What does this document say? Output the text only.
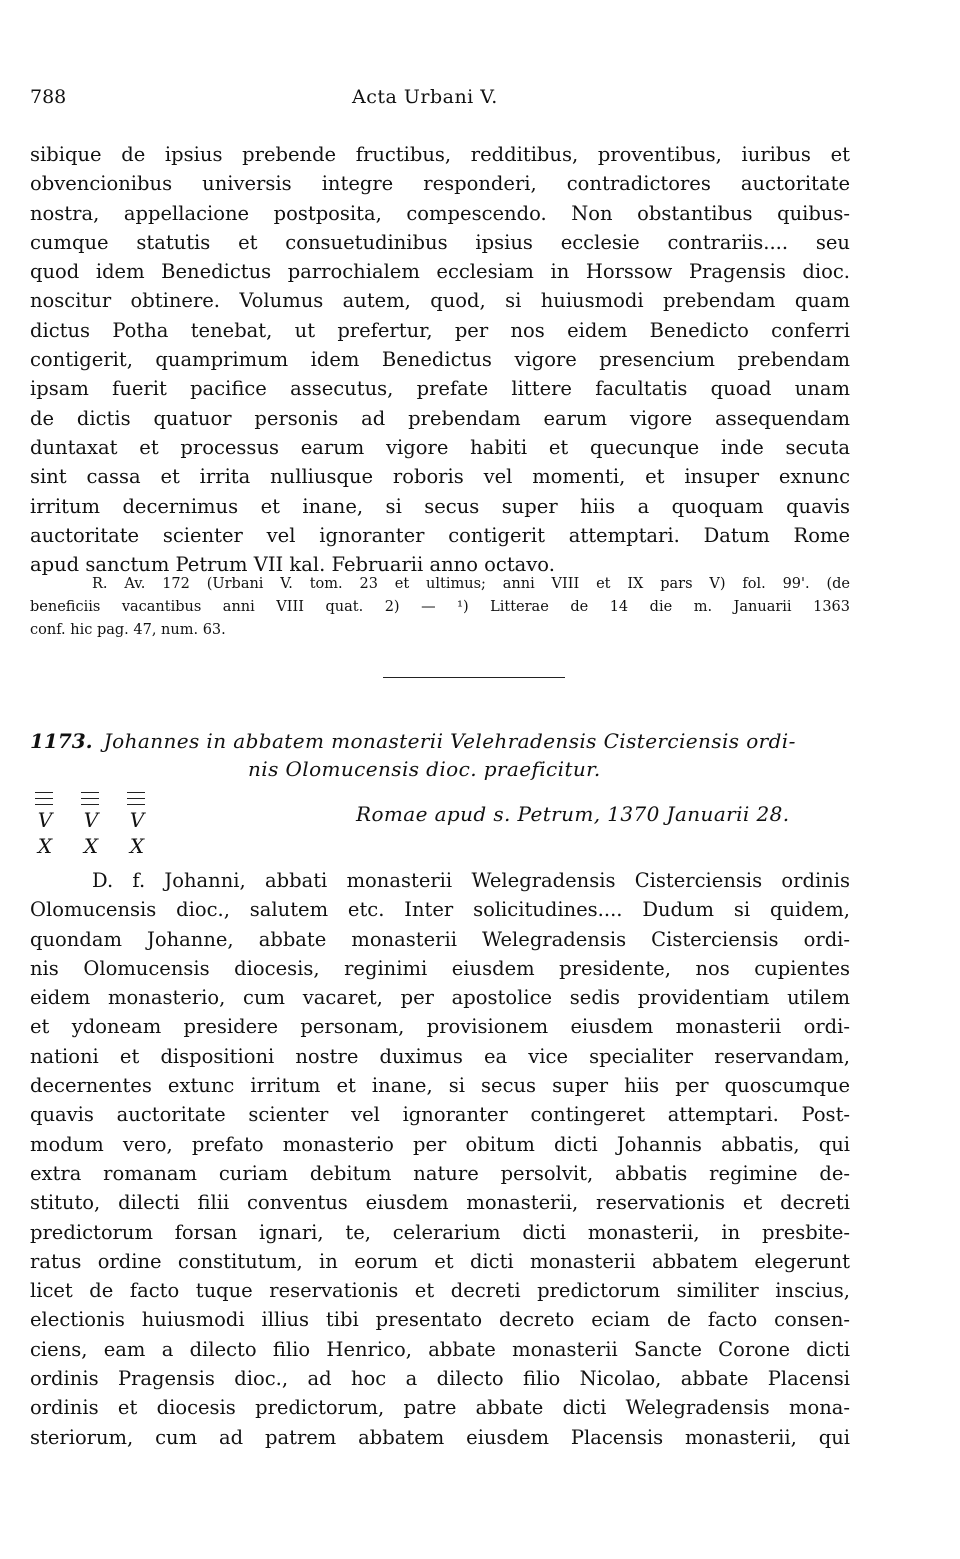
788	Acta Urbani V.
sibique de ipsius prebende fructibus, redditibus, proventibus, iuribus et
obvencionibus universis integre responderi, contradictores auctoritate
nostra, appellacione postposita, compescendo. Non obstantibus quibus-
cumque statutis et consuetudinibus ipsius ecclesie contrariis.... seu
quod idem Benedictus parrochialem ecclesiam in Horssow Pragensis dioc.
noscitur obtinere. Volumus autem, quod, si huiusmodi prebendam quam
dictus Potha tenebat, ut prefertur, per nos eidem Benedicto conferri
contigerit, quamprimum idem Benedictus vigore presencium prebendam
ipsam fuerit pacifice assecutus, prefate littere facultatis quoad unam
de dictis quatuor personis ad prebendam earum vigore assequendam
duntaxat et processus earum vigore habiti et quecunque inde secuta
sint cassa et irrita nulliusque roboris vel momenti, et insuper exnunc
irritum decernimus et inane, si secus super hiis a quoquam quavis
auctoritate scienter vel ignoranter contigerit attemptari. Datum Rome
apud sanctum Petrum VII kal. Februarii anno octavo.
R. Av. 172 (Urbani V. tom. 23 et ultimus; anni VIII et IX pars V) fol. 99'. (de
beneficiis vacantibus anni VIII quat. 2) — ¹) Litterae de 14 die m. Januarii 1363
conf. hic pag. 47, num. 63.
1173. Johannes in abbatem monasterii Velehradensis Cisterciensis ordi-
nis Olomucensis dioc. praeficitur.
V
X
V
X
V
X
Romae apud s. Petrum, 1370 Januarii 28.
D. f. Johanni, abbati monasterii Welegradensis Cisterciensis ordinis
Olomucensis dioc., salutem etc. Inter solicitudines.... Dudum si quidem,
quondam Johanne, abbate monasterii Welegradensis Cisterciensis ordi-
nis Olomucensis diocesis, reginimi eiusdem presidente, nos cupientes
eidem monasterio, cum vacaret, per apostolice sedis providentiam utilem
et ydoneam presidere personam, provisionem eiusdem monasterii ordi-
nationi et dispositioni nostre duximus ea vice specialiter reservandam,
decernentes extunc irritum et inane, si secus super hiis per quoscumque
quavis auctoritate scienter vel ignoranter contingeret attemptari. Post-
modum vero, prefato monasterio per obitum dicti Johannis abbatis, qui
extra romanam curiam debitum nature persolvit, abbatis regimine de-
stituto, dilecti filii conventus eiusdem monasterii, reservationis et decreti
predictorum forsan ignari, te, celerarium dicti monasterii, in presbite-
ratus ordine constitutum, in eorum et dicti monasterii abbatem elegerunt
licet de facto tuque reservationis et decreti predictorum similiter inscius,
electionis huiusmodi illius tibi presentato decreto eciam de facto consen-
ciens, eam a dilecto filio Henrico, abbate monasterii Sancte Corone dicti
ordinis Pragensis dioc., ad hoc a dilecto filio Nicolao, abbate Placensi
ordinis et diocesis predictorum, patre abbate dicti Welegradensis mona-
steriorum, cum ad patrem abbatem eiusdem Placensis monasterii, qui
